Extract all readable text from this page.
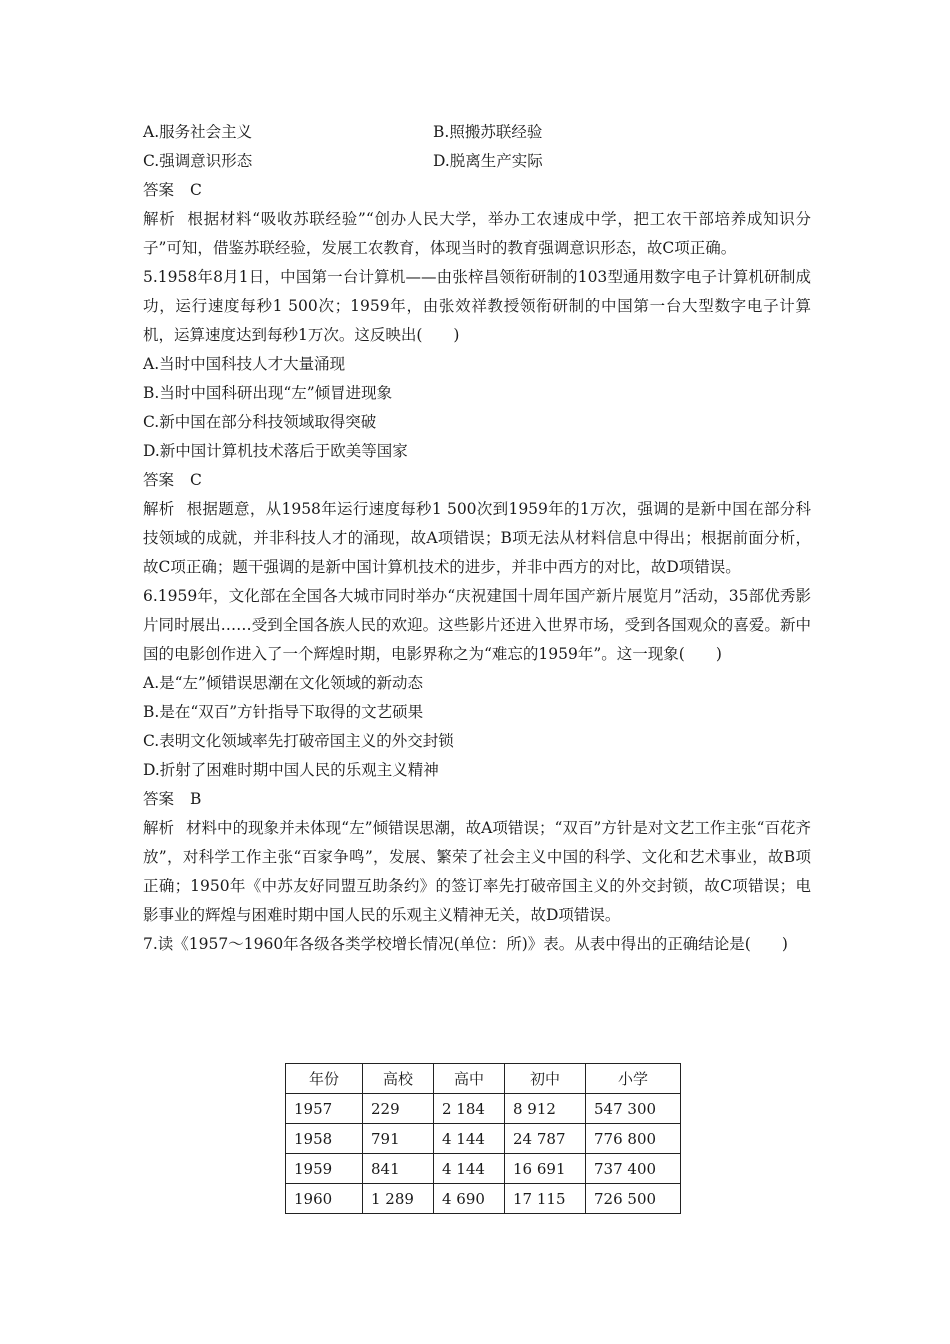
A.服务社会主义	B.照搬苏联经验
C.强调意识形态	D.脱离生产实际
答案 C
解析 根据材料“吸收苏联经验”“创办人民大学，举办工农速成中学，把工农干部培养成知识分子”可知，借鉴苏联经验，发展工农教育，体现当时的教育强调意识形态，故C项正确。
5.1958年8月1日，中国第一台计算机——由张梓昌领衔研制的103型通用数字电子计算机研制成功，运行速度每秒1 500次；1959年，由张效祥教授领衔研制的中国第一台大型数字电子计算机，运算速度达到每秒1万次。这反映出(　　)
A.当时中国科技人才大量涌现
B.当时中国科研出现“左”倾冒进现象
C.新中国在部分科技领域取得突破
D.新中国计算机技术落后于欧美等国家
答案 C
解析 根据题意，从1958年运行速度每秒1 500次到1959年的1万次，强调的是新中国在部分科技领域的成就，并非科技人才的涌现，故A项错误；B项无法从材料信息中得出；根据前面分析，故C项正确；题干强调的是新中国计算机技术的进步，并非中西方的对比，故D项错误。
6.1959年，文化部在全国各大城市同时举办“庆祝建国十周年国产新片展览月”活动，35部优秀影片同时展出……受到全国各族人民的欢迎。这些影片还进入世界市场，受到各国观众的喜爱。新中国的电影创作进入了一个辉煌时期，电影界称之为“难忘的1959年”。这一现象(　　)
A.是“左”倾错误思潮在文化领域的新动态
B.是在“双百”方针指导下取得的文艺硕果
C.表明文化领域率先打破帝国主义的外交封锁
D.折射了困难时期中国人民的乐观主义精神
答案 B
解析 材料中的现象并未体现“左”倾错误思潮，故A项错误；“双百”方针是对文艺工作主张“百花齐放”，对科学工作主张“百家争鸣”，发展、繁荣了社会主义中国的科学、文化和艺术事业，故B项正确；1950年《中苏友好同盟互助条约》的签订率先打破帝国主义的外交封锁，故C项错误；电影事业的辉煌与困难时期中国人民的乐观主义精神无关，故D项错误。
7.读《1957～1960年各级各类学校增长情况(单位：所)》表。从表中得出的正确结论是(　　)
年份	高校	高中	初中	小学
1957	229	2 184	8 912	547 300
1958	791	4 144	24 787	776 800
1959	841	4 144	16 691	737 400
1960	1 289	4 690	17 115	726 500
